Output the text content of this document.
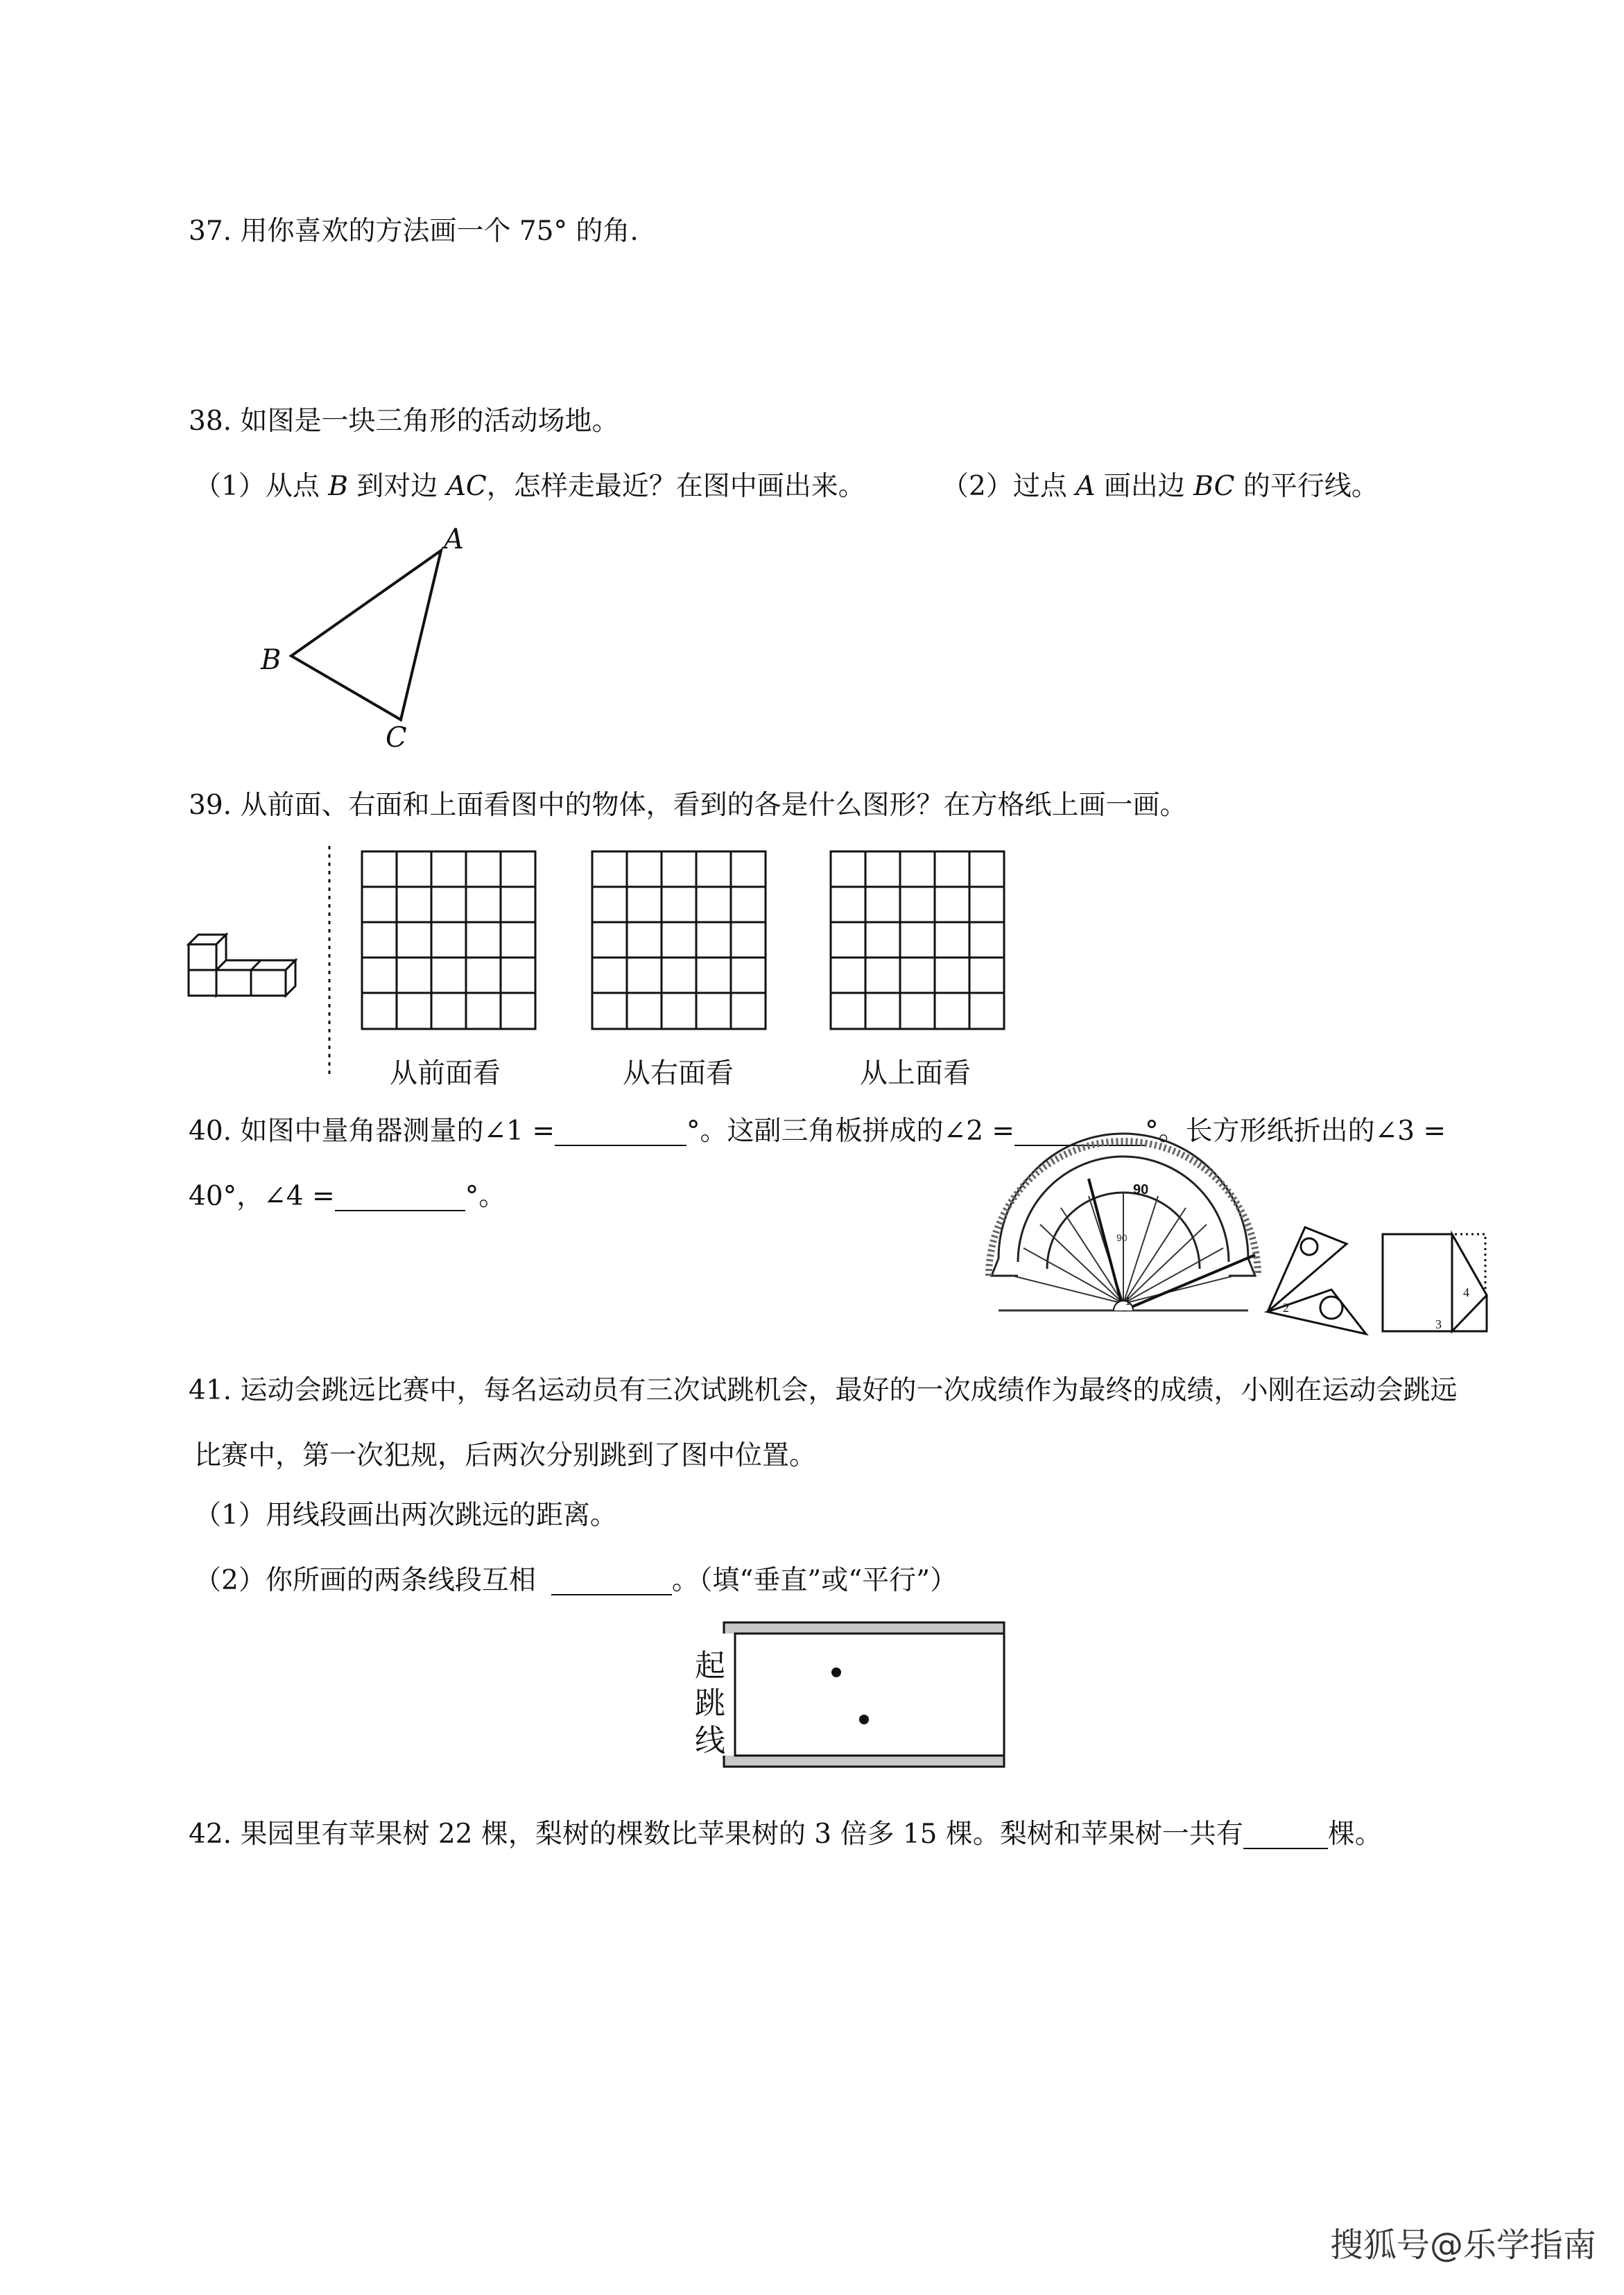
37. 用你喜欢的方法画一个 75° 的角.
38. 如图是一块三角形的活动场地。
（1）从点 B 到对边 AC，怎样走最近？在图中画出来。	（2）过点 A 画出边 BC 的平行线。
A
B
C
39. 从前面、右面和上面看图中的物体，看到的各是什么图形？在方格纸上画一画。
从前面看	从右面看	从上面看
40. 如图中量角器测量的∠1 =	°。这副三角板拼成的∠2 =	°。长方形纸折出的∠3 =
40°，∠4 =	°。	90
90
1	2
3
4
41. 运动会跳远比赛中，每名运动员有三次试跳机会，最好的一次成绩作为最终的成绩，小刚在运动会跳远
比赛中，第一次犯规，后两次分别跳到了图中位置。
（1）用线段画出两次跳远的距离。
（2）你所画的两条线段互相	。（填“垂直”或“平行”）
起
跳
线
42. 果园里有苹果树 22 棵，梨树的棵数比苹果树的 3 倍多 15 棵。梨树和苹果树一共有	棵。
搜狐号@乐学指南
